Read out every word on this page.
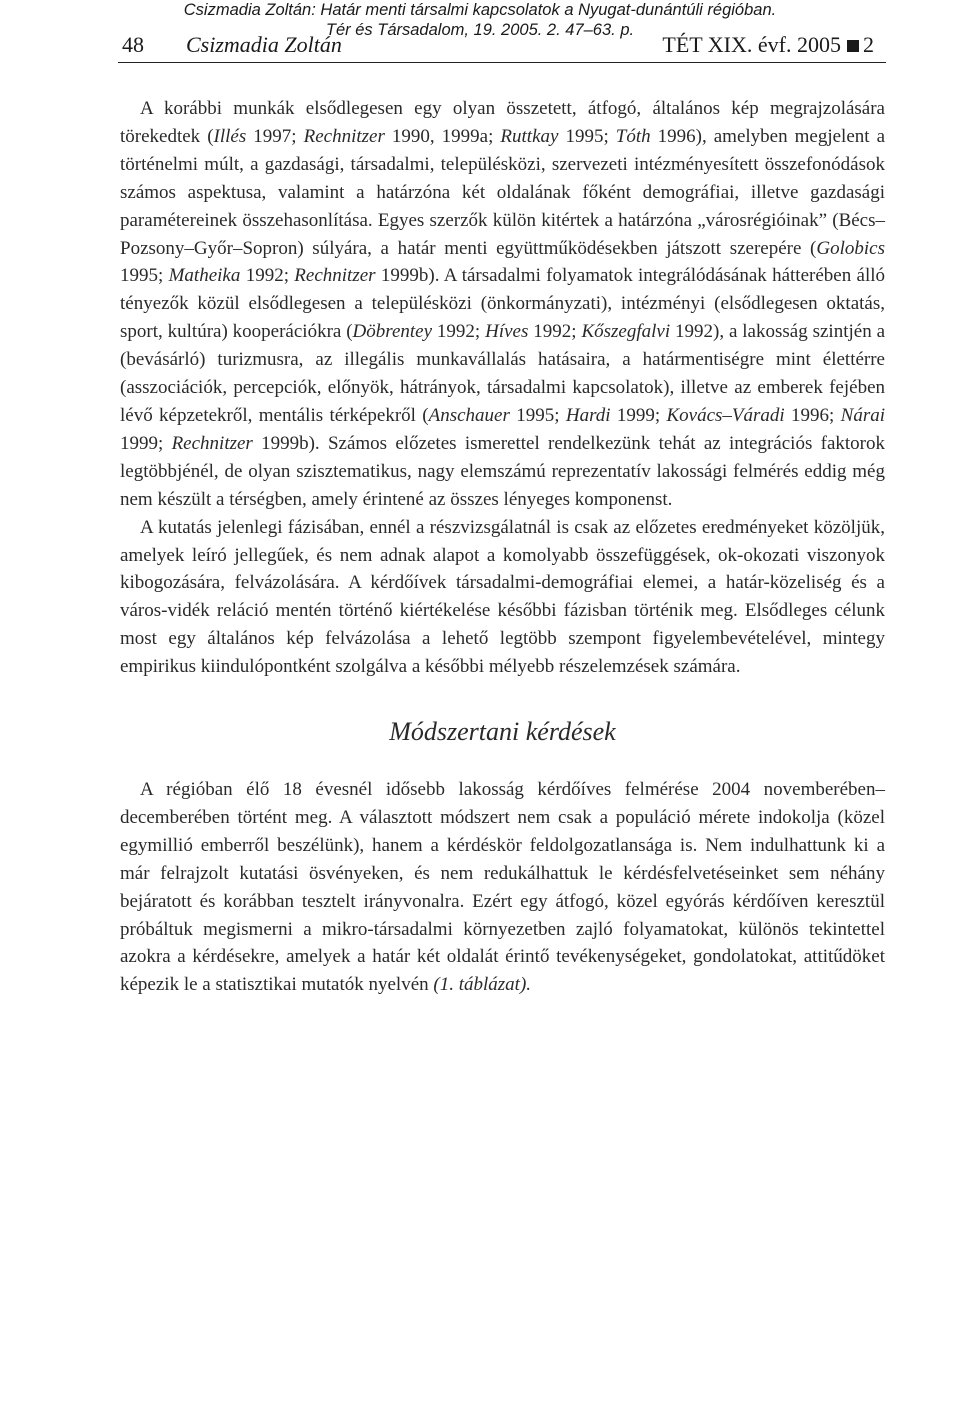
Csizmadia Zoltán: Határ menti társalmi kapcsolatok a Nyugat-dunántúli régióban.
Tér és Társadalom, 19. 2005. 2. 47–63. p.
48 Csizmadia Zoltán	TÉT XIX. évf. 2005 2

A korábbi munkák elsődlegesen egy olyan összetett, átfogó, általános kép megrajzolására törekedtek (Illés 1997; Rechnitzer 1990, 1999a; Ruttkay 1995; Tóth 1996), amelyben megjelent a történelmi múlt, a gazdasági, társadalmi, településközi, szervezeti intézményesített összefonódások számos aspektusa, valamint a határzóna két oldalának főként demográfiai, illetve gazdasági paramétereinek összehasonlítása. Egyes szerzők külön kitértek a határzóna „városrégióinak” (Bécs–Pozsony–Győr–Sopron) súlyára, a határ menti együttműködésekben játszott szerepére (Golobics 1995; Matheika 1992; Rechnitzer 1999b). A társadalmi folyamatok integrálódásának hátterében álló tényezők közül elsődlegesen a településközi (önkormányzati), intézményi (elsődlegesen oktatás, sport, kultúra) kooperációkra (Döbrentey 1992; Híves 1992; Kőszegfalvi 1992), a lakosság szintjén a (bevásárló) turizmusra, az illegális munkavállalás hatásaira, a határmentiségre mint élettérre (asszociációk, percepciók, előnyök, hátrányok, társadalmi kapcsolatok), illetve az emberek fejében lévő képzetekről, mentális térképekről (Anschauer 1995; Hardi 1999; Kovács–Váradi 1996; Nárai 1999; Rechnitzer 1999b). Számos előzetes ismerettel rendelkezünk tehát az integrációs faktorok legtöbbjénél, de olyan szisztematikus, nagy elemszámú reprezentatív lakossági felmérés eddig még nem készült a térségben, amely érintené az összes lényeges komponenst.

A kutatás jelenlegi fázisában, ennél a részvizsgálatnál is csak az előzetes eredményeket közöljük, amelyek leíró jellegűek, és nem adnak alapot a komolyabb összefüggések, ok-okozati viszonyok kibogozására, felvázolására. A kérdőívek társadalmi-demográfiai elemei, a határ-közeliség és a város-vidék reláció mentén történő kiértékelése későbbi fázisban történik meg. Elsődleges célunk most egy általános kép felvázolása a lehető legtöbb szempont figyelembevételével, mintegy empirikus kiindulópontként szolgálva a későbbi mélyebb részelemzések számára.

Módszertani kérdések

A régióban élő 18 évesnél idősebb lakosság kérdőíves felmérése 2004 novemberében–decemberében történt meg. A választott módszert nem csak a populáció mérete indokolja (közel egymillió emberről beszélünk), hanem a kérdéskör feldolgozatlansága is. Nem indulhattunk ki a már felrajzolt kutatási ösvényeken, és nem redukálhattuk le kérdésfelvetéseinket sem néhány bejáratott és korábban tesztelt irányvonalra. Ezért egy átfogó, közel egyórás kérdőíven keresztül próbáltuk megismerni a mikro-társadalmi környezetben zajló folyamatokat, különös tekintettel azokra a kérdésekre, amelyek a határ két oldalát érintő tevékenységeket, gondolatokat, attitűdöket képezik le a statisztikai mutatók nyelvén (1. táblázat).
